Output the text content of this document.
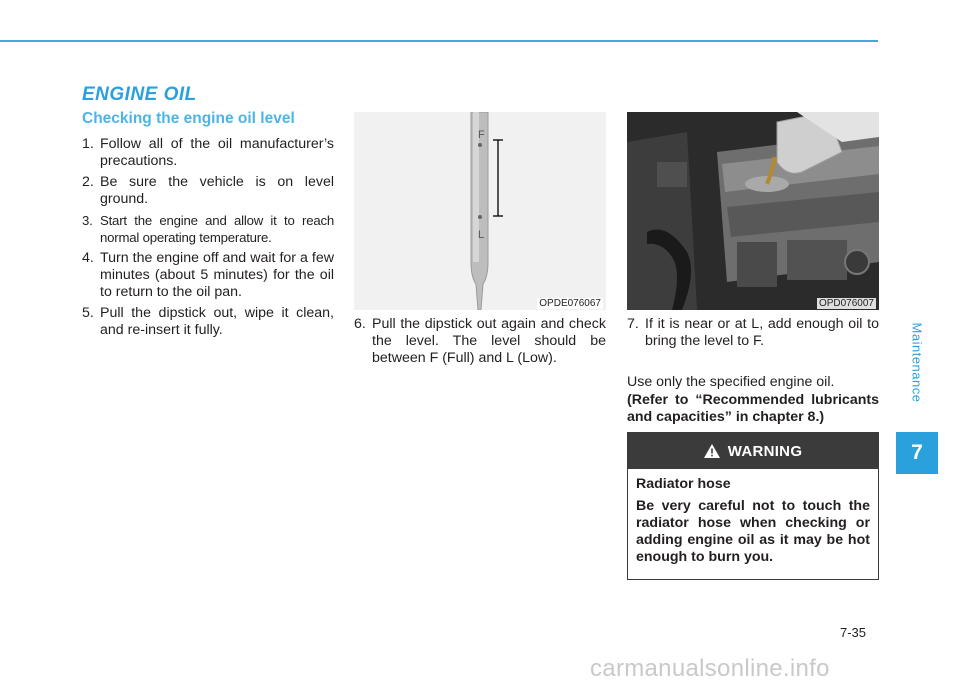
ENGINE OIL
Checking the engine oil level
1. Follow all of the oil manufacturer’s precautions.
2. Be sure the vehicle is on level ground.
3. Start the engine and allow it to reach normal operating temperature.
4. Turn the engine off and wait for a few minutes (about 5 minutes) for the oil to return to the oil pan.
5. Pull the dipstick out, wipe it clean, and re-insert it fully.
F
L
OPDE076067	OPD076007
6. Pull the dipstick out again and check the level. The level should be between F (Full) and L (Low).
7. If it is near or at L, add enough oil to bring the level to F.
Use only the specified engine oil.
(Refer to “Recommended lubricants and capacities” in chapter 8.)
WARNING
Radiator hose
Be very careful not to touch the radiator hose when checking or adding engine oil as it may be hot enough to burn you.
Maintenance
7
7-35
carmanualsonline.info
